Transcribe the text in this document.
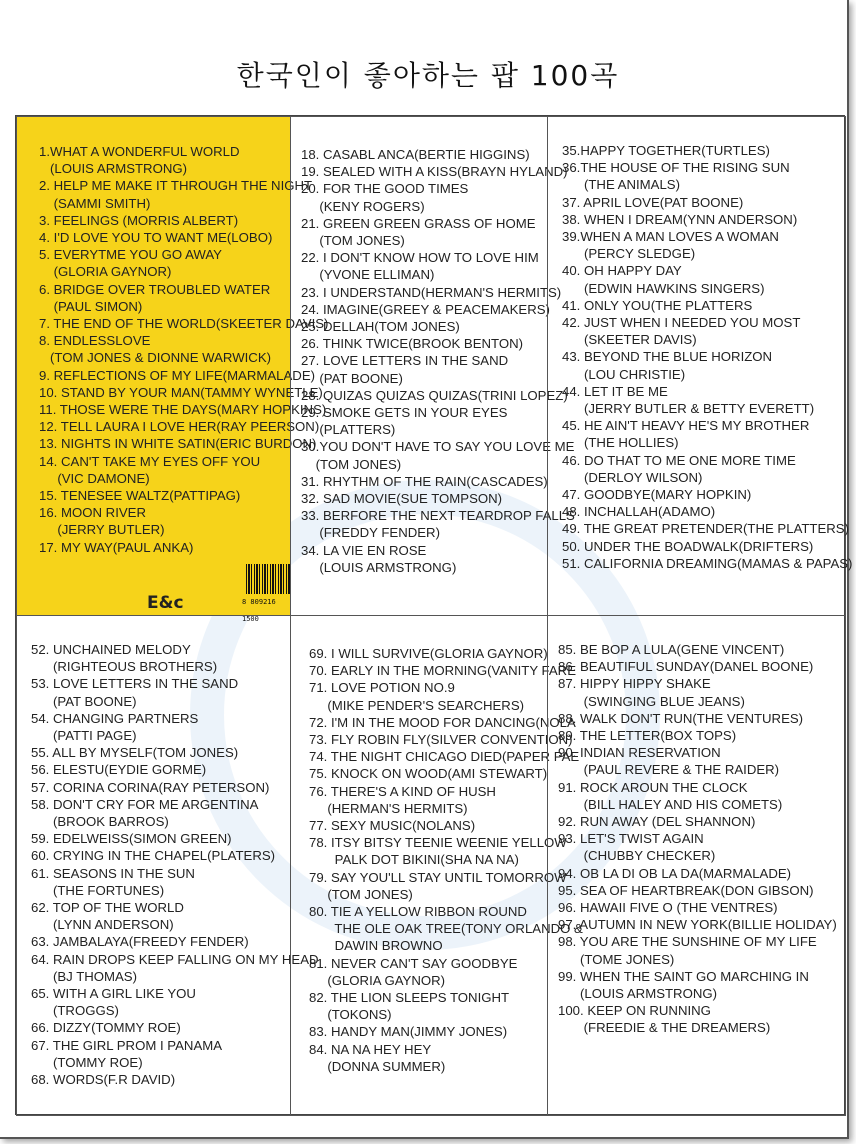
한국인이 좋아하는 팝 100곡
1.WHAT A WONDERFUL WORLD
(LOUIS ARMSTRONG)
2. HELP ME MAKE IT THROUGH THE NIGHT
(SAMMI SMITH)
3. FEELINGS (MORRIS ALBERT)
4. I'D LOVE YOU TO WANT ME(LOBO)
5. EVERYTME YOU GO AWAY
(GLORIA GAYNOR)
6. BRIDGE OVER TROUBLED WATER
(PAUL SIMON)
7. THE END OF THE WORLD(SKEETER DAVIS)
8. ENDLESSLOVE
(TOM JONES & DIONNE WARWICK)
9. REFLECTIONS OF MY LIFE(MARMALADE)
10. STAND BY YOUR MAN(TAMMY WYNETLE)
11. THOSE WERE THE DAYS(MARY HOPKINS)
12. TELL LAURA I LOVE HER(RAY PEERSON)
13. NIGHTS IN WHITE SATIN(ERIC BURDON)
14. CAN'T TAKE MY EYES OFF YOU
(VIC DAMONE)
15. TENESEE WALTZ(PATTIPAG)
16. MOON RIVER
(JERRY BUTLER)
17. MY WAY(PAUL ANKA)
8 809216 1500
E&c
18. CASABL ANCA(BERTIE HIGGINS)
19. SEALED WITH A KISS(BRAYN HYLAND)
20. FOR THE GOOD TIMES
(KENY ROGERS)
21. GREEN GREEN GRASS OF HOME
(TOM JONES)
22. I DON'T KNOW HOW TO LOVE HIM
(YVONE ELLIMAN)
23. I UNDERSTAND(HERMAN'S HERMITS)
24. IMAGINE(GREEY & PEACEMAKERS)
25. DELLAH(TOM JONES)
26. THINK TWICE(BROOK BENTON)
27. LOVE LETTERS IN THE SAND
(PAT BOONE)
28. QUIZAS QUIZAS QUIZAS(TRINI LOPEZ)
29. SMOKE GETS IN YOUR EYES
(PLATTERS)
30.YOU DON'T HAVE TO SAY YOU LOVE ME
(TOM JONES)
31. RHYTHM OF THE RAIN(CASCADES)
32. SAD MOVIE(SUE TOMPSON)
33. BERFORE THE NEXT TEARDROP FALLS
(FREDDY FENDER)
34. LA VIE EN ROSE
(LOUIS ARMSTRONG)
35.HAPPY TOGETHER(TURTLES)
36.THE HOUSE OF THE RISING SUN
(THE ANIMALS)
37. APRIL LOVE(PAT BOONE)
38. WHEN I DREAM(YNN ANDERSON)
39.WHEN A MAN LOVES A WOMAN
(PERCY SLEDGE)
40. OH HAPPY DAY
(EDWIN HAWKINS SINGERS)
41. ONLY YOU(THE PLATTERS
42. JUST WHEN I NEEDED YOU MOST
(SKEETER DAVIS)
43. BEYOND THE BLUE HORIZON
(LOU CHRISTIE)
44. LET IT BE ME
(JERRY BUTLER & BETTY EVERETT)
45. HE AIN'T HEAVY HE'S MY BROTHER
(THE HOLLIES)
46. DO THAT TO ME ONE MORE TIME
(DERLOY WILSON)
47. GOODBYE(MARY HOPKIN)
48. INCHALLAH(ADAMO)
49. THE GREAT PRETENDER(THE PLATTERS)
50. UNDER THE BOADWALK(DRIFTERS)
51. CALIFORNIA DREAMING(MAMAS & PAPAS)
52. UNCHAINED MELODY
(RIGHTEOUS BROTHERS)
53. LOVE LETTERS IN THE SAND
(PAT BOONE)
54. CHANGING PARTNERS
(PATTI PAGE)
55. ALL BY MYSELF(TOM JONES)
56. ELESTU(EYDIE GORME)
57. CORINA CORINA(RAY PETERSON)
58. DON'T CRY FOR ME ARGENTINA
(BROOK BARROS)
59. EDELWEISS(SIMON GREEN)
60. CRYING IN THE CHAPEL(PLATERS)
61. SEASONS IN THE SUN
(THE FORTUNES)
62. TOP OF THE WORLD
(LYNN ANDERSON)
63. JAMBALAYA(FREEDY FENDER)
64. RAIN DROPS KEEP FALLING ON MY HEAD
(BJ THOMAS)
65. WITH A GIRL LIKE YOU
(TROGGS)
66. DIZZY(TOMMY ROE)
67. THE GIRL PROM I PANAMA
(TOMMY ROE)
68. WORDS(F.R DAVID)
69. I WILL SURVIVE(GLORIA GAYNOR)
70. EARLY IN THE MORNING(VANITY FARE
71. LOVE POTION NO.9
(MIKE PENDER'S SEARCHERS)
72. I'M IN THE MOOD FOR DANCING(NOLA
73. FLY ROBIN FLY(SILVER CONVENTION)
74. THE NIGHT CHICAGO DIED(PAPER PAE
75. KNOCK ON WOOD(AMI STEWART)
76. THERE'S A KIND OF HUSH
(HERMAN'S HERMITS)
77. SEXY MUSIC(NOLANS)
78. ITSY BITSY TEENIE WEENIE YELLOW
PALK DOT BIKINI(SHA NA NA)
79. SAY YOU'LL STAY UNTIL TOMORROW
(TOM JONES)
80. TIE A YELLOW RIBBON ROUND
THE OLE OAK TREE(TONY ORLANDO &
DAWIN BROWNO
81. NEVER CAN'T SAY GOODBYE
(GLORIA GAYNOR)
82. THE LION SLEEPS TONIGHT
(TOKONS)
83. HANDY MAN(JIMMY JONES)
84. NA NA HEY HEY
(DONNA SUMMER)
85. BE BOP A LULA(GENE VINCENT)
86. BEAUTIFUL SUNDAY(DANEL BOONE)
87. HIPPY HIPPY SHAKE
(SWINGING BLUE JEANS)
88. WALK DON'T RUN(THE VENTURES)
89. THE LETTER(BOX TOPS)
90. INDIAN RESERVATION
(PAUL REVERE & THE RAIDER)
91. ROCK AROUN THE CLOCK
(BILL HALEY AND HIS COMETS)
92. RUN AWAY (DEL SHANNON)
93. LET'S TWIST AGAIN
(CHUBBY CHECKER)
94. OB LA DI OB LA DA(MARMALADE)
95. SEA OF HEARTBREAK(DON GIBSON)
96. HAWAII FIVE O (THE VENTRES)
97. AUTUMN IN NEW YORK(BILLIE HOLIDAY)
98. YOU ARE THE SUNSHINE OF MY LIFE
(TOME JONES)
99. WHEN THE SAINT GO MARCHING IN
(LOUIS ARMSTRONG)
100. KEEP ON RUNNING
(FREEDIE & THE DREAMERS)
